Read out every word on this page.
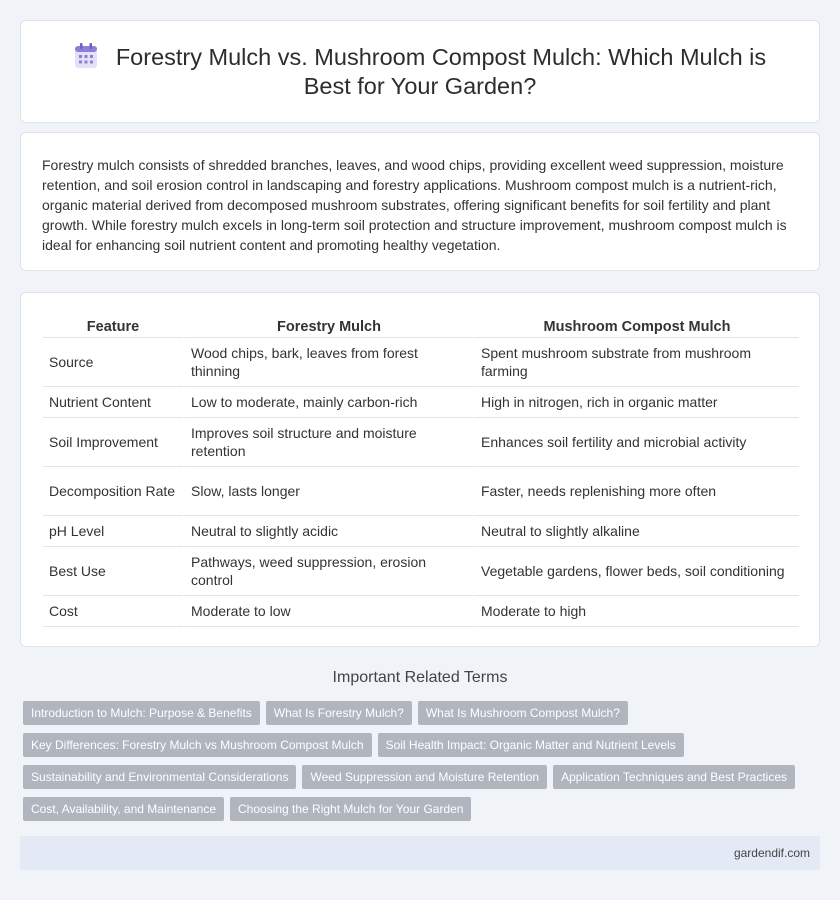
Forestry Mulch vs. Mushroom Compost Mulch: Which Mulch is Best for Your Garden?

Forestry mulch consists of shredded branches, leaves, and wood chips, providing excellent weed suppression, moisture retention, and soil erosion control in landscaping and forestry applications. Mushroom compost mulch is a nutrient-rich, organic material derived from decomposed mushroom substrates, offering significant benefits for soil fertility and plant growth. While forestry mulch excels in long-term soil protection and structure improvement, mushroom compost mulch is ideal for enhancing soil nutrient content and promoting healthy vegetation.

Feature	Forestry Mulch	Mushroom Compost Mulch
Source	Wood chips, bark, leaves from forest thinning	Spent mushroom substrate from mushroom farming
Nutrient Content	Low to moderate, mainly carbon-rich	High in nitrogen, rich in organic matter
Soil Improvement	Improves soil structure and moisture retention	Enhances soil fertility and microbial activity
Decomposition Rate	Slow, lasts longer	Faster, needs replenishing more often
pH Level	Neutral to slightly acidic	Neutral to slightly alkaline
Best Use	Pathways, weed suppression, erosion control	Vegetable gardens, flower beds, soil conditioning
Cost	Moderate to low	Moderate to high
Important Related Terms
Introduction to Mulch: Purpose & Benefits What Is Forestry Mulch? What Is Mushroom Compost Mulch?
Key Differences: Forestry Mulch vs Mushroom Compost Mulch Soil Health Impact: Organic Matter and Nutrient Levels
Sustainability and Environmental Considerations Weed Suppression and Moisture Retention Application Techniques and Best Practices
Cost, Availability, and Maintenance Choosing the Right Mulch for Your Garden
gardendif.com
